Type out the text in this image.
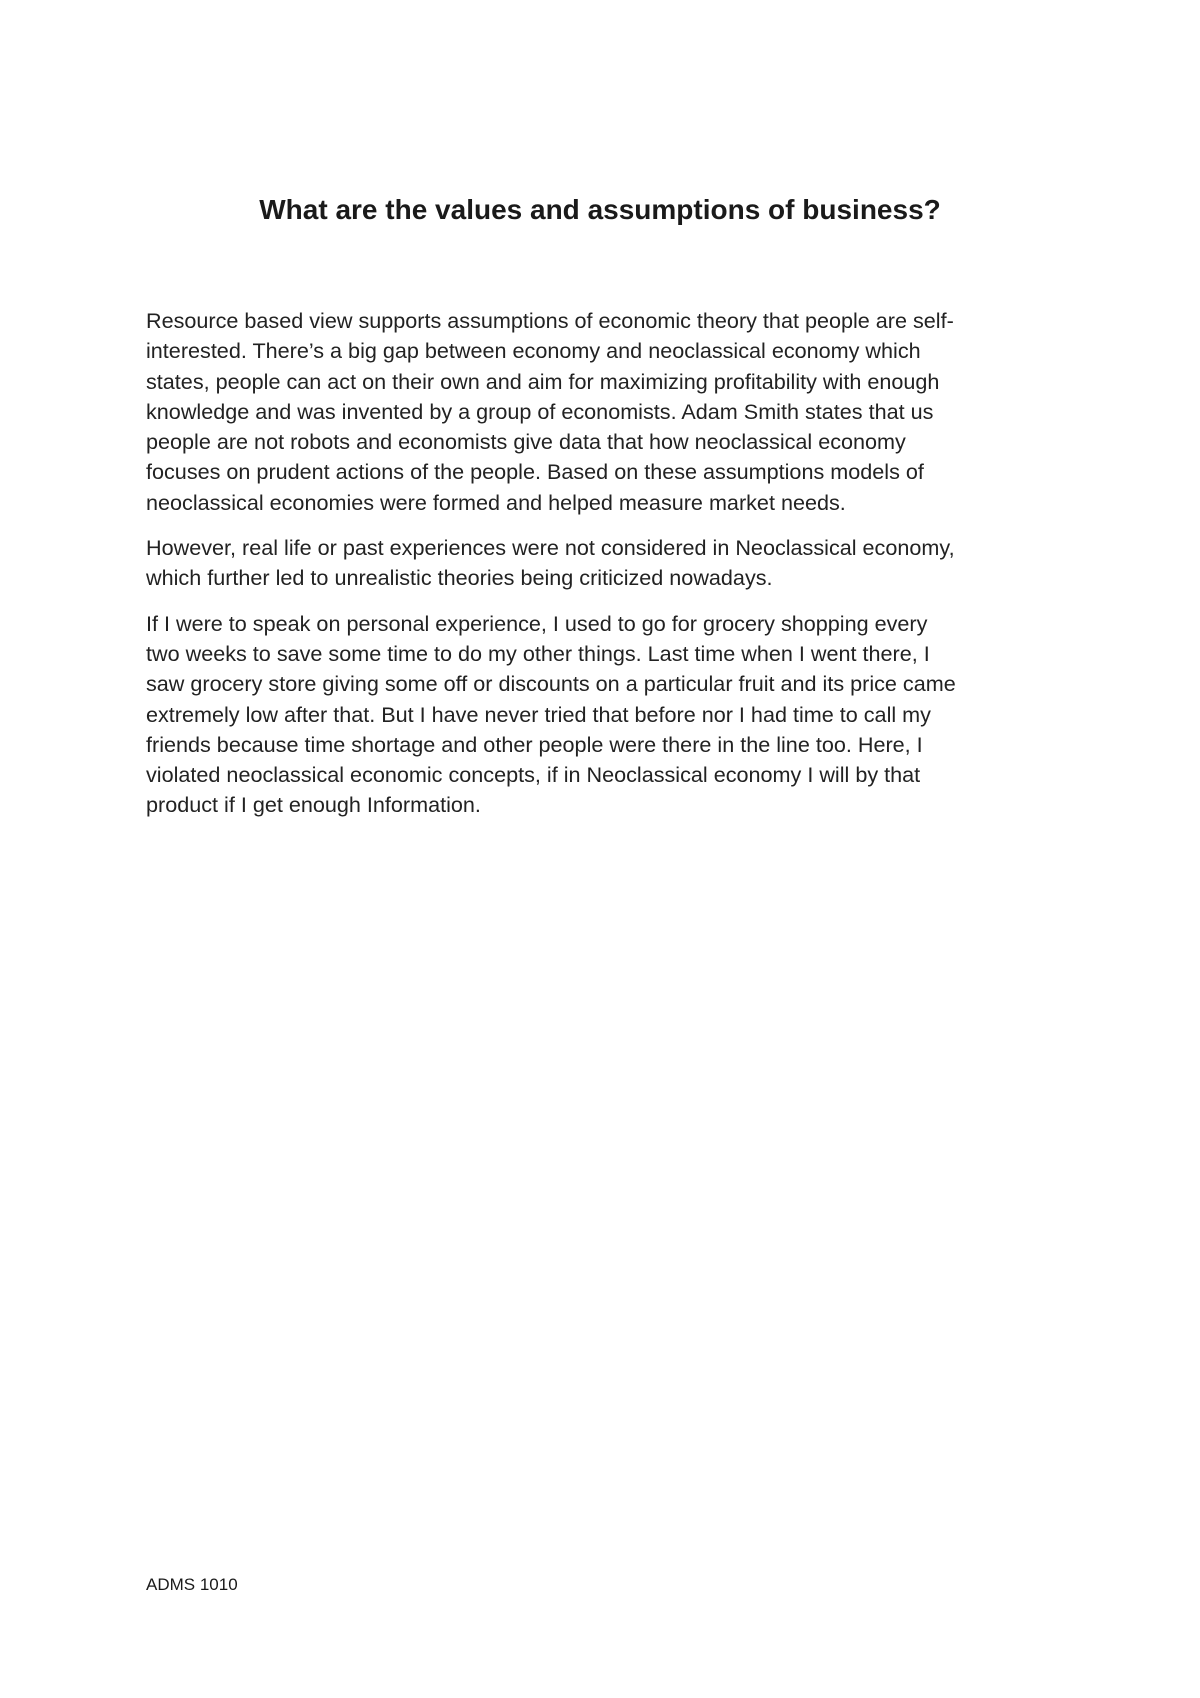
What are the values and assumptions of business?

Resource based view supports assumptions of economic theory that people are self-
interested. There’s a big gap between economy and neoclassical economy which
states, people can act on their own and aim for maximizing profitability with enough
knowledge and was invented by a group of economists. Adam Smith states that us
people are not robots and economists give data that how neoclassical economy
focuses on prudent actions of the people. Based on these assumptions models of
neoclassical economies were formed and helped measure market needs.

However, real life or past experiences were not considered in Neoclassical economy,
which further led to unrealistic theories being criticized nowadays.

If I were to speak on personal experience, I used to go for grocery shopping every
two weeks to save some time to do my other things. Last time when I went there, I
saw grocery store giving some off or discounts on a particular fruit and its price came
extremely low after that. But I have never tried that before nor I had time to call my
friends because time shortage and other people were there in the line too. Here, I
violated neoclassical economic concepts, if in Neoclassical economy I will by that
product if I get enough Information.

ADMS 1010
